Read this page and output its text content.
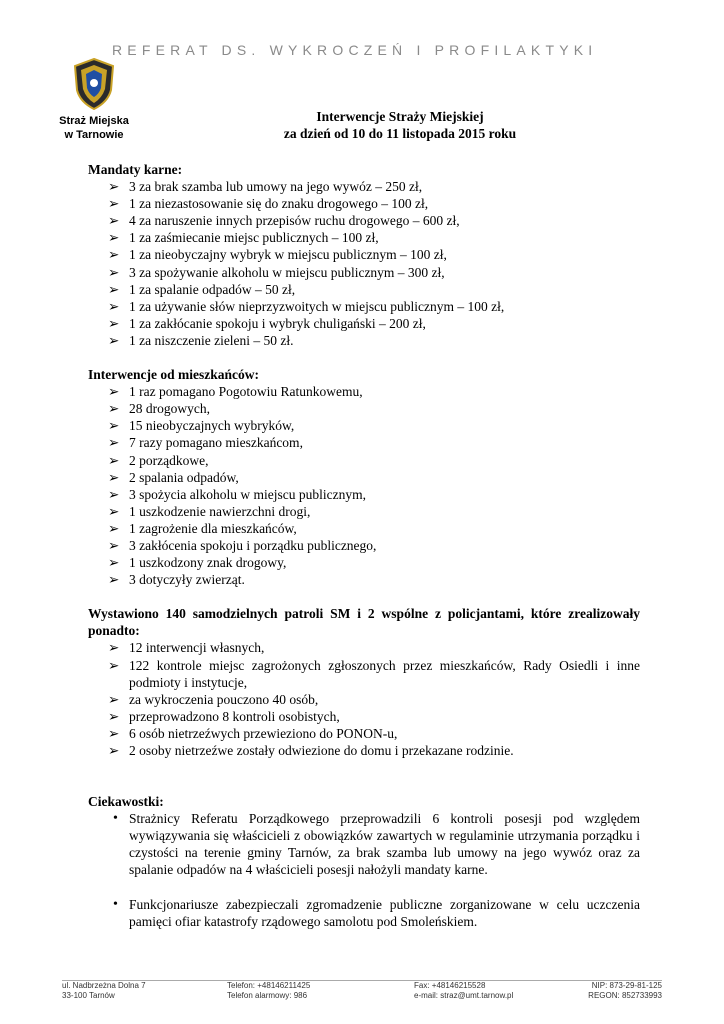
REFERAT DS. WYKROCZEŃ I PROFILAKTYKI
Straż Miejska
w Tarnowie
Interwencje Straży Miejskiej
za dzień od 10 do 11 listopada 2015 roku
Mandaty karne:
➢ 3 za brak szamba lub umowy na jego wywóz – 250 zł,
➢ 1 za niezastosowanie się do znaku drogowego – 100 zł,
➢ 4 za naruszenie innych przepisów ruchu drogowego – 600 zł,
➢ 1 za zaśmiecanie miejsc publicznych – 100 zł,
➢ 1 za nieobyczajny wybryk w miejscu publicznym – 100 zł,
➢ 3 za spożywanie alkoholu w miejscu publicznym – 300 zł,
➢ 1 za spalanie odpadów – 50 zł,
➢ 1 za używanie słów nieprzyzwoitych w miejscu publicznym – 100 zł,
➢ 1 za zakłócanie spokoju i wybryk chuligański – 200 zł,
➢ 1 za niszczenie zieleni – 50 zł.
Interwencje od mieszkańców:
➢ 1 raz pomagano Pogotowiu Ratunkowemu,
➢ 28 drogowych,
➢ 15 nieobyczajnych wybryków,
➢ 7 razy pomagano mieszkańcom,
➢ 2 porządkowe,
➢ 2 spalania odpadów,
➢ 3 spożycia alkoholu w miejscu publicznym,
➢ 1 uszkodzenie nawierzchni drogi,
➢ 1 zagrożenie dla mieszkańców,
➢ 3 zakłócenia spokoju i porządku publicznego,
➢ 1 uszkodzony znak drogowy,
➢ 3 dotyczyły zwierząt.
Wystawiono 140 samodzielnych patroli SM i 2 wspólne z policjantami, które zrealizowały ponadto:
➢ 12 interwencji własnych,
➢ 122 kontrole miejsc zagrożonych zgłoszonych przez mieszkańców, Rady Osiedli i inne podmioty i instytucje,
➢ za wykroczenia pouczono 40 osób,
➢ przeprowadzono 8 kontroli osobistych,
➢ 6 osób nietrzeźwych przewieziono do PONON-u,
➢ 2 osoby nietrzeźwe zostały odwiezione do domu i przekazane rodzinie.
Ciekawostki:
• Strażnicy Referatu Porządkowego przeprowadzili 6 kontroli posesji pod względem wywiązywania się właścicieli z obowiązków zawartych w regulaminie utrzymania porządku i czystości na terenie gminy Tarnów, za brak szamba lub umowy na jego wywóz oraz za spalanie odpadów na 4 właścicieli posesji nałożyli mandaty karne.
• Funkcjonariusze zabezpieczali zgromadzenie publiczne zorganizowane w celu uczczenia pamięci ofiar katastrofy rządowego samolotu pod Smoleńskiem.
ul. Nadbrzeżna Dolna 7
33-100 Tarnów
Telefon: +48146211425
Telefon alarmowy: 986
Fax: +48146215528
e-mail: straz@umt.tarnow.pl
NIP: 873-29-81-125
REGON: 852733993
